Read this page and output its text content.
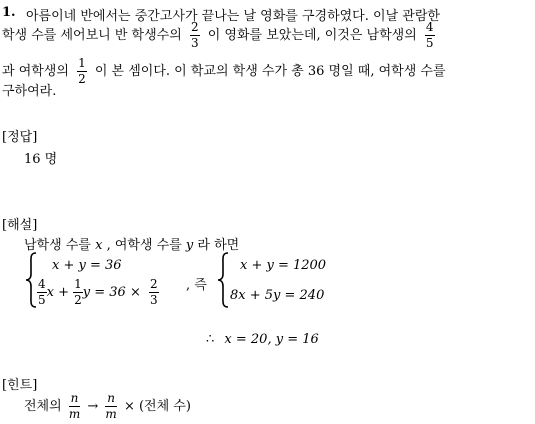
1. 아름이네 반에서는 중간고사가 끝나는 날 영화를 구경하였다. 이날 관람한
학생 수를 세어보니 반 학생수의 $\frac{2}{3}$ 이 영화를 보았는데, 이것은 남학생의 $\frac{4}{5}$
과 여학생의 $\frac{1}{2}$ 이 본 셈이다. 이 학교의 학생 수가 총 36 명일 때, 여학생 수를
구하여라.
[정답]
16 명
[해설]
남학생 수를 x , 여학생 수를 y 라 하면
x + y = 36
$\frac{4}{5}$ $x + \frac{1}{2}$ $y = 36 \times \frac{2}{3}$ , 즉
x + y = 1200
8x + 5y = 240
∴ x = 20, y = 16
[힌트]
전체의 $\frac{n}{m} \to \frac{n}{m}$ × (전체 수)
